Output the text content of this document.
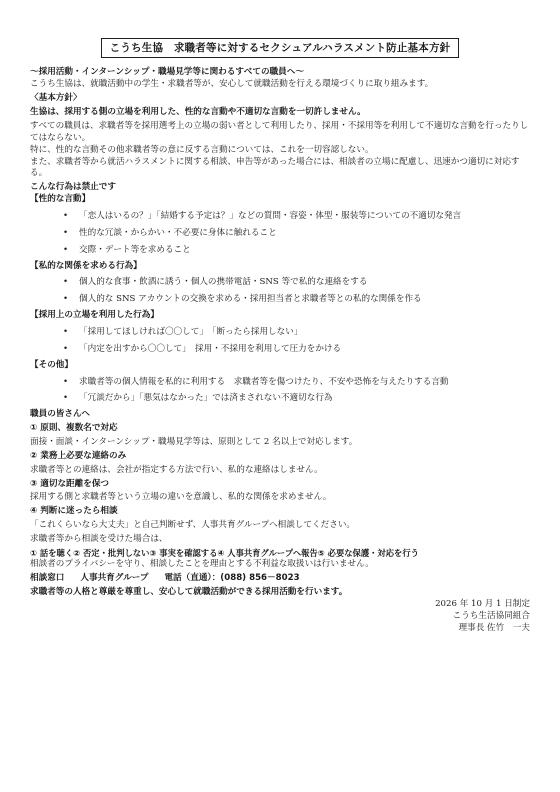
こうち生協　求職者等に対するセクシュアルハラスメント防止基本方針

～採用活動・インターンシップ・職場見学等に関わるすべての職員へ～

こうち生協は、就職活動中の学生・求職者等が、安心して就職活動を行える環境づくりに取り組みます。

〈基本方針〉

生協は、採用する側の立場を利用した、性的な言動や不適切な言動を一切許しません。

すべての職員は、求職者等を採用選考上の立場の弱い者として利用したり、採用・不採用等を利用して不適切な言動を行ったりしてはならない。

特に、性的な言動その他求職者等の意に反する言動については、これを一切容認しない。

また、求職者等から就活ハラスメントに関する相談、申告等があった場合には、相談者の立場に配慮し、迅速かつ適切に対応する。

こんな行為は禁止です

【性的な言動】

• 「恋人はいるの？」「結婚する予定は？」などの質問・容姿・体型・服装等についての不適切な発言
• 性的な冗談・からかい・不必要に身体に触れること
• 交際・デート等を求めること

【私的な関係を求める行為】

• 個人的な食事・飲酒に誘う・個人の携帯電話・SNS 等で私的な連絡をする
• 個人的な SNS アカウントの交換を求める・採用担当者と求職者等との私的な関係を作る

【採用上の立場を利用した行為】

• 「採用してほしければ〇〇して」　「断ったら採用しない」
• 「内定を出すから〇〇して」　採用・不採用を利用して圧力をかける

【その他】

• 求職者等の個人情報を私的に利用する　求職者等を傷つけたり、不安や恐怖を与えたりする言動
• 「冗談だから」「悪気はなかった」では済まされない不適切な行為

職員の皆さんへ

① 原則、複数名で対応

面接・面談・インターンシップ・職場見学等は、原則として 2 名以上で対応します。

② 業務上必要な連絡のみ

求職者等との連絡は、会社が指定する方法で行い、私的な連絡はしません。

③ 適切な距離を保つ

採用する側と求職者等という立場の違いを意識し、私的な関係を求めません。

④ 判断に迷ったら相談

「これくらいなら大丈夫」と自己判断せず、人事共育グループへ相談してください。

求職者等から相談を受けた場合は、

① 話を聴く② 否定・批判しない③ 事実を確認する④ 人事共育グループへ報告⑤ 必要な保護・対応を行う

相談者のプライバシーを守り、相談したことを理由とする不利益な取扱いは行いません。

相談窓口 人事共育グループ 電話（直通）：(088) 856－8023

求職者等の人格と尊厳を尊重し、安心して就職活動ができる採用活動を行います。

2026 年 10 月 1 日制定

こうち生活協同組合

理事長 佐竹　一夫
